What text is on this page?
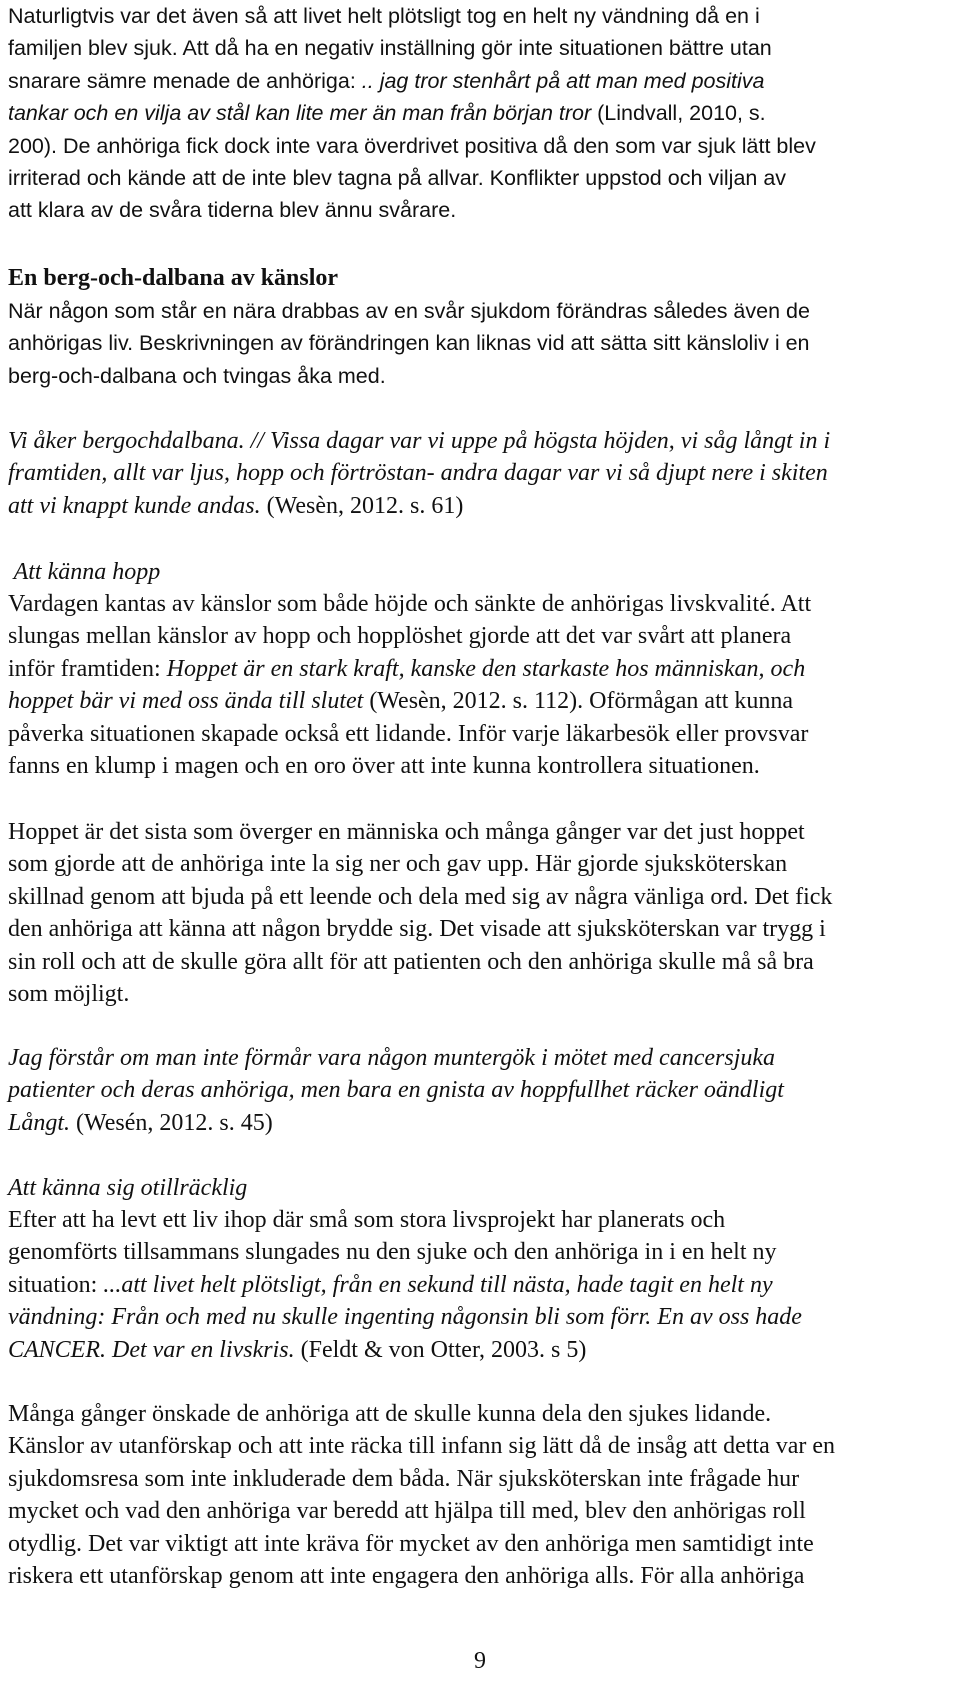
Naturligtvis var det även så att livet helt plötsligt tog en helt ny vändning då en i
familjen blev sjuk. Att då ha en negativ inställning gör inte situationen bättre utan
snarare sämre menade de anhöriga: .. jag tror stenhårt på att man med positiva
tankar och en vilja av stål kan lite mer än man från början tror (Lindvall, 2010, s.
200). De anhöriga fick dock inte vara överdrivet positiva då den som var sjuk lätt blev
irriterad och kände att de inte blev tagna på allvar. Konflikter uppstod och viljan av
att klara av de svåra tiderna blev ännu svårare.
En berg-och-dalbana av känslor
När någon som står en nära drabbas av en svår sjukdom förändras således även de
anhörigas liv. Beskrivningen av förändringen kan liknas vid att sätta sitt känsloliv i en
berg-och-dalbana och tvingas åka med.
Vi åker bergochdalbana. // Vissa dagar var vi uppe på högsta höjden, vi såg långt in i
framtiden, allt var ljus, hopp och förtröstan- andra dagar var vi så djupt nere i skiten
att vi knappt kunde andas. (Wesèn, 2012. s. 61)
Att känna hopp
Vardagen kantas av känslor som både höjde och sänkte de anhörigas livskvalité. Att
slungas mellan känslor av hopp och hopplöshet gjorde att det var svårt att planera
inför framtiden: Hoppet är en stark kraft, kanske den starkaste hos människan, och
hoppet bär vi med oss ända till slutet (Wesèn, 2012. s. 112). Oförmågan att kunna
påverka situationen skapade också ett lidande. Inför varje läkarbesök eller provsvar
fanns en klump i magen och en oro över att inte kunna kontrollera situationen.
Hoppet är det sista som överger en människa och många gånger var det just hoppet
som gjorde att de anhöriga inte la sig ner och gav upp. Här gjorde sjuksköterskan
skillnad genom att bjuda på ett leende och dela med sig av några vänliga ord. Det fick
den anhöriga att känna att någon brydde sig. Det visade att sjuksköterskan var trygg i
sin roll och att de skulle göra allt för att patienten och den anhöriga skulle må så bra
som möjligt.
Jag förstår om man inte förmår vara någon muntergök i mötet med cancersjuka
patienter och deras anhöriga, men bara en gnista av hoppfullhet räcker oändligt
Långt. (Wesén, 2012. s. 45)
Att känna sig otillräcklig
Efter att ha levt ett liv ihop där små som stora livsprojekt har planerats och
genomförts tillsammans slungades nu den sjuke och den anhöriga in i en helt ny
situation: ...att livet helt plötsligt, från en sekund till nästa, hade tagit en helt ny
vändning: Från och med nu skulle ingenting någonsin bli som förr. En av oss hade
CANCER. Det var en livskris. (Feldt & von Otter, 2003. s 5)
Många gånger önskade de anhöriga att de skulle kunna dela den sjukes lidande.
Känslor av utanförskap och att inte räcka till infann sig lätt då de insåg att detta var en
sjukdomsresa som inte inkluderade dem båda. När sjuksköterskan inte frågade hur
mycket och vad den anhöriga var beredd att hjälpa till med, blev den anhörigas roll
otydlig. Det var viktigt att inte kräva för mycket av den anhöriga men samtidigt inte
riskera ett utanförskap genom att inte engagera den anhöriga alls. För alla anhöriga
9
